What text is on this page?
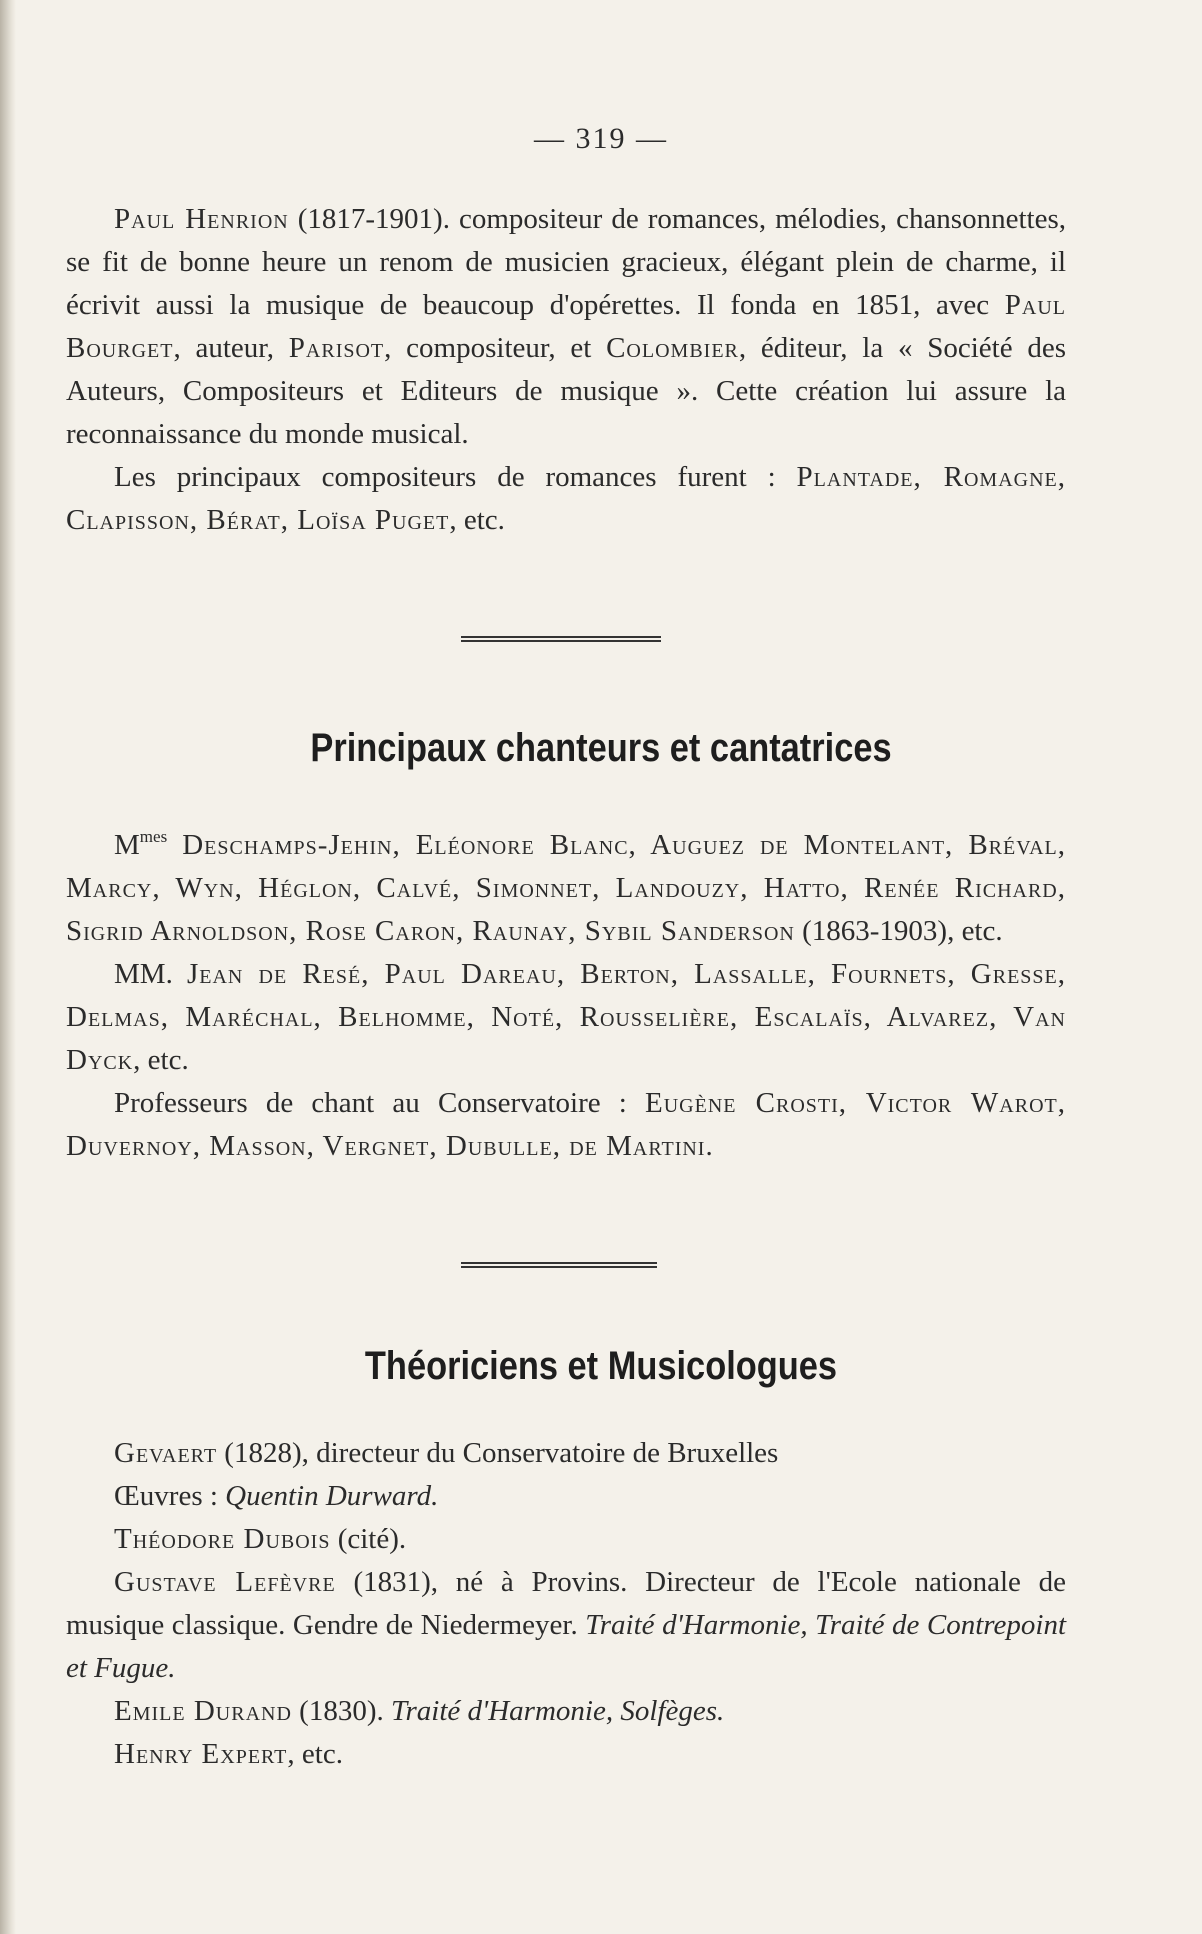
— 319 —

Paul Henrion (1817-1901). compositeur de romances, mélodies, chansonnettes, se fit de bonne heure un renom de musicien gracieux, élégant plein de charme, il écrivit aussi la musique de beaucoup d'opérettes. Il fonda en 1851, avec Paul Bourget, auteur, Parisot, compositeur, et Colombier, éditeur, la « Société des Auteurs, Compositeurs et Editeurs de musique ». Cette création lui assure la reconnaissance du monde musical.

Les principaux compositeurs de romances furent : Plantade, Romagne, Clapisson, Bérat, Loïsa Puget, etc.

Principaux chanteurs et cantatrices

$M^{mes}$ Deschamps-Jehin, Eléonore Blanc, Auguez de Montelant, Bréval, Marcy, Wyn, Héglon, Calvé, Simonnet, Landouzy, Hatto, Renée Richard, Sigrid Arnoldson, Rose Caron, Raunay, Sybil Sanderson (1863-1903), etc.

MM. Jean de Resé, Paul Dareau, Berton, Lassalle, Fournets, Gresse, Delmas, Maréchal, Belhomme, Noté, Rousselière, Escalaïs, Alvarez, Van Dyck, etc.

Professeurs de chant au Conservatoire : Eugène Crosti, Victor Warot, Duvernoy, Masson, Vergnet, Dubulle, de Martini.

Théoriciens et Musicologues

Gevaert (1828), directeur du Conservatoire de Bruxelles

Œuvres : Quentin Durward.

Théodore Dubois (cité).

Gustave Lefèvre (1831), né à Provins. Directeur de l'Ecole nationale de musique classique. Gendre de Niedermeyer. Traité d'Harmonie, Traité de Contrepoint et Fugue.

Emile Durand (1830). Traité d'Harmonie, Solfèges.

Henry Expert, etc.
